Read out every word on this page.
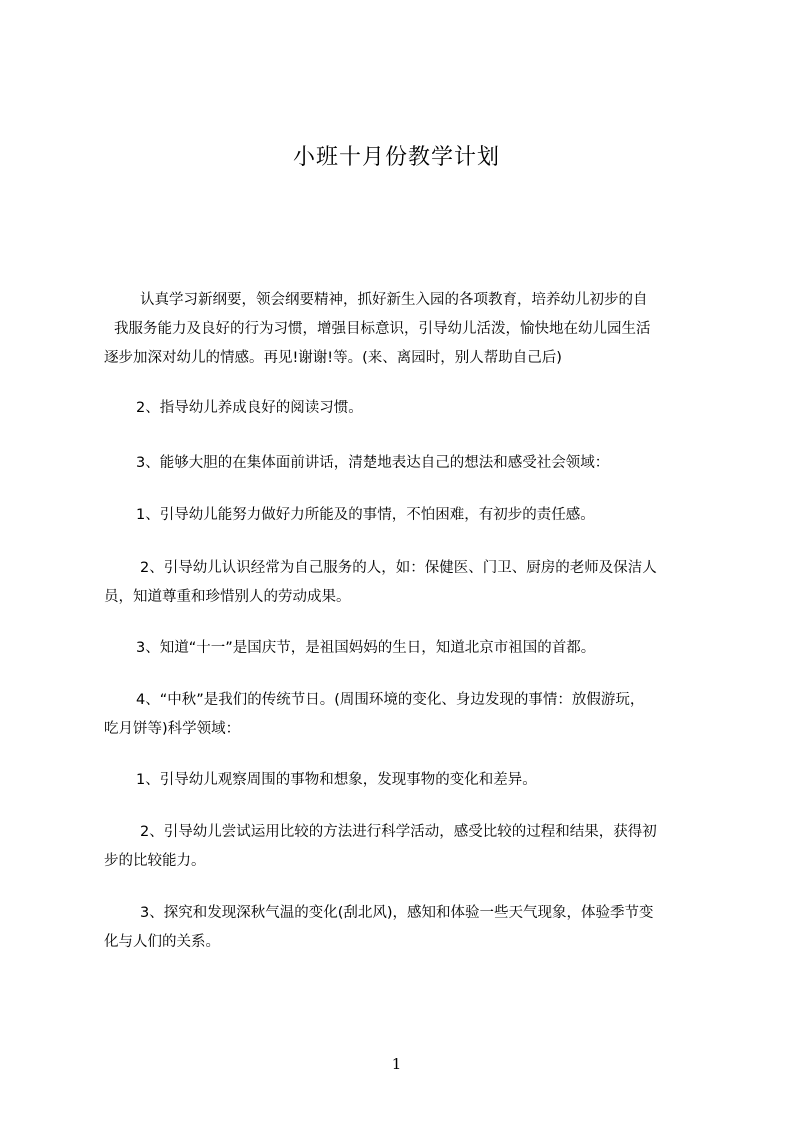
小班十月份教学计划
认真学习新纲要，领会纲要精神，抓好新生入园的各项教育，培养幼儿初步的自
我服务能力及良好的行为习惯，增强目标意识，引导幼儿活泼，愉快地在幼儿园生活
逐步加深对幼儿的情感。再见!谢谢!等。(来、离园时，别人帮助自己后)
2、指导幼儿养成良好的阅读习惯。
3、能够大胆的在集体面前讲话，清楚地表达自己的想法和感受社会领域：
1、引导幼儿能努力做好力所能及的事情，不怕困难，有初步的责任感。
2、引导幼儿认识经常为自己服务的人，如：保健医、门卫、厨房的老师及保洁人
员，知道尊重和珍惜别人的劳动成果。
3、知道“十一”是国庆节，是祖国妈妈的生日，知道北京市祖国的首都。
4、“中秋”是我们的传统节日。(周围环境的变化、身边发现的事情：放假游玩，
吃月饼等)科学领域：
1、引导幼儿观察周围的事物和想象，发现事物的变化和差异。
2、引导幼儿尝试运用比较的方法进行科学活动，感受比较的过程和结果，获得初
步的比较能力。
3、探究和发现深秋气温的变化(刮北风)，感知和体验一些天气现象，体验季节变
化与人们的关系。
1
